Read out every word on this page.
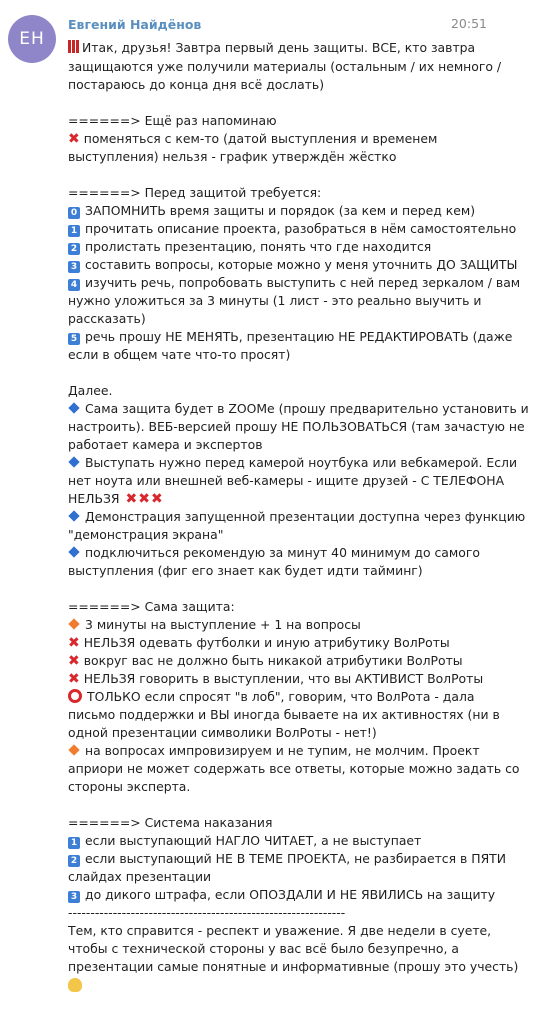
EH
Евгений Найдёнов	20:51
Итак, друзья! Завтра первый день защиты. ВСЕ, кто завтра
защищаются уже получили материалы (остальным / их немного /
постараюсь до конца дня всё дослать)
======> Ещё раз напоминаю
✖ поменяться с кем-то (датой выступления и временем
выступления) нельзя - график утверждён жёстко
======> Перед защитой требуется:
0 ЗАПОМНИТЬ время защиты и порядок (за кем и перед кем)
1 прочитать описание проекта, разобраться в нём самостоятельно
2 пролистать презентацию, понять что где находится
3 составить вопросы, которые можно у меня уточнить ДО ЗАЩИТЫ
4 изучить речь, попробовать выступить с ней перед зеркалом / вам
нужно уложиться за 3 минуты (1 лист - это реально выучить и
рассказать)
5 речь прошу НЕ МЕНЯТЬ, презентацию НЕ РЕДАКТИРОВАТЬ (даже
если в общем чате что-то просят)
Далее.
Сама защита будет в ZOOMе (прошу предварительно установить и
настроить). ВЕБ-версией прошу НЕ ПОЛЬЗОВАТЬСЯ (там зачастую не
работает камера и экспертов
Выступать нужно перед камерой ноутбука или вебкамерой. Если
нет ноута или внешней веб-камеры - ищите друзей - С ТЕЛЕФОНА
НЕЛЬЗЯ ✖✖✖
Демонстрация запущенной презентации доступна через функцию
"демонстрация экрана"
подключиться рекомендую за минут 40 минимум до самого
выступления (фиг его знает как будет идти тайминг)
======> Сама защита:
3 минуты на выступление + 1 на вопросы
✖ НЕЛЬЗЯ одевать футболки и иную атрибутику ВолРоты
✖ вокруг вас не должно быть никакой атрибутики ВолРоты
✖ НЕЛЬЗЯ говорить в выступлении, что вы АКТИВИСТ ВолРоты
ТОЛЬКО если спросят "в лоб", говорим, что ВолРота - дала
письмо поддержки и ВЫ иногда бываете на их активностях (ни в
одной презентации символики ВолРоты - нет!)
на вопросах импровизируем и не тупим, не молчим. Проект
априори не может содержать все ответы, которые можно задать со
стороны эксперта.
======> Система наказания
1 если выступающий НАГЛО ЧИТАЕТ, а не выступает
2 если выступающий НЕ В ТЕМЕ ПРОЕКТА, не разбирается в ПЯТИ
слайдах презентации
3 до дикого штрафа, если ОПОЗДАЛИ И НЕ ЯВИЛИСЬ на защиту
--------------------------------------------------------------
Тем, кто справится - респект и уважение. Я две недели в суете,
чтобы с технической стороны у вас всё было безупречно, а
презентации самые понятные и информативные (прошу это учесть)
